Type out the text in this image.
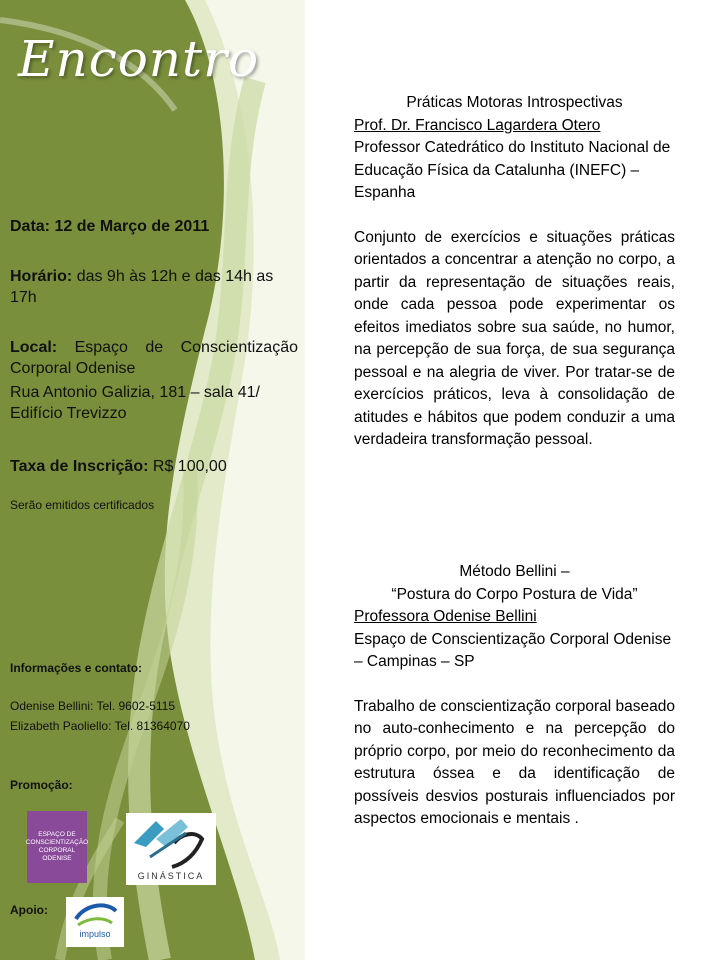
Encontro
Data: 12 de Março de 2011
Horário: das 9h às 12h e das 14h as 17h
Local: Espaço de Conscientização Corporal Odenise
Rua Antonio Galizia, 181 – sala 41/ Edifício Trevizzo
Taxa de Inscrição: R$ 100,00
Serão emitidos certificados
Informações e contato:
Odenise Bellini: Tel. 9602-5115
Elizabeth Paoliello: Tel. 81364070
Promoção:
ESPAÇO DE CONSCIENTIZAÇÃO CORPORAL ODENISE
GINÁSTICA
Apoio:
impulso
Práticas Motoras Introspectivas
Prof. Dr. Francisco Lagardera Otero
Professor Catedrático do Instituto Nacional de Educação Física da Catalunha (INEFC) – Espanha
Conjunto de exercícios e situações práticas orientados a concentrar a atenção no corpo, a partir da representação de situações reais, onde cada pessoa pode experimentar os efeitos imediatos sobre sua saúde, no humor, na percepção de sua força, de sua segurança pessoal e na alegria de viver. Por tratar-se de exercícios práticos, leva à consolidação de atitudes e hábitos que podem conduzir a uma verdadeira transformação pessoal.
Método Bellini –
“Postura do Corpo Postura de Vida”
Professora Odenise Bellini
Espaço de Conscientização Corporal Odenise – Campinas – SP
Trabalho de conscientização corporal baseado no auto-conhecimento e na percepção do próprio corpo, por meio do reconhecimento da estrutura óssea e da identificação de possíveis desvios posturais influenciados por aspectos emocionais e mentais .
